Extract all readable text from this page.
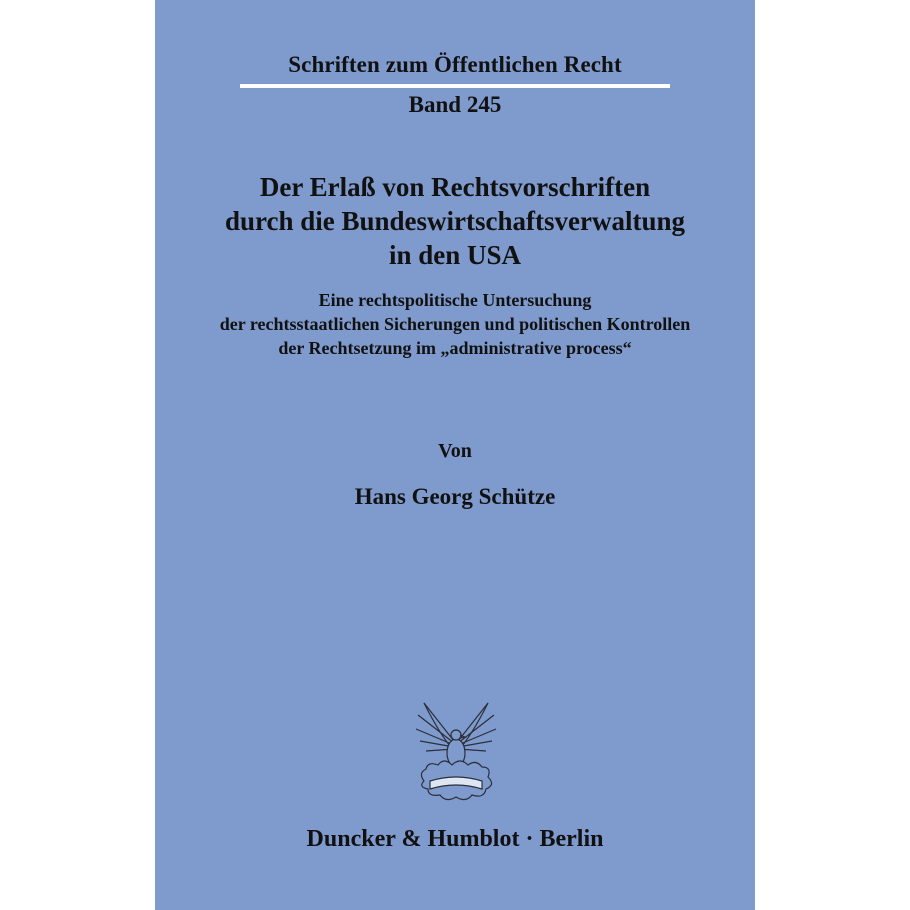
Schriften zum Öffentlichen Recht
Band 245
Der Erlaß von Rechtsvorschriften
durch die Bundeswirtschaftsverwaltung
in den USA
Eine rechtspolitische Untersuchung
der rechtsstaatlichen Sicherungen und politischen Kontrollen
der Rechtsetzung im „administrative process“
Von
Hans Georg Schütze
Duncker & Humblot · Berlin
